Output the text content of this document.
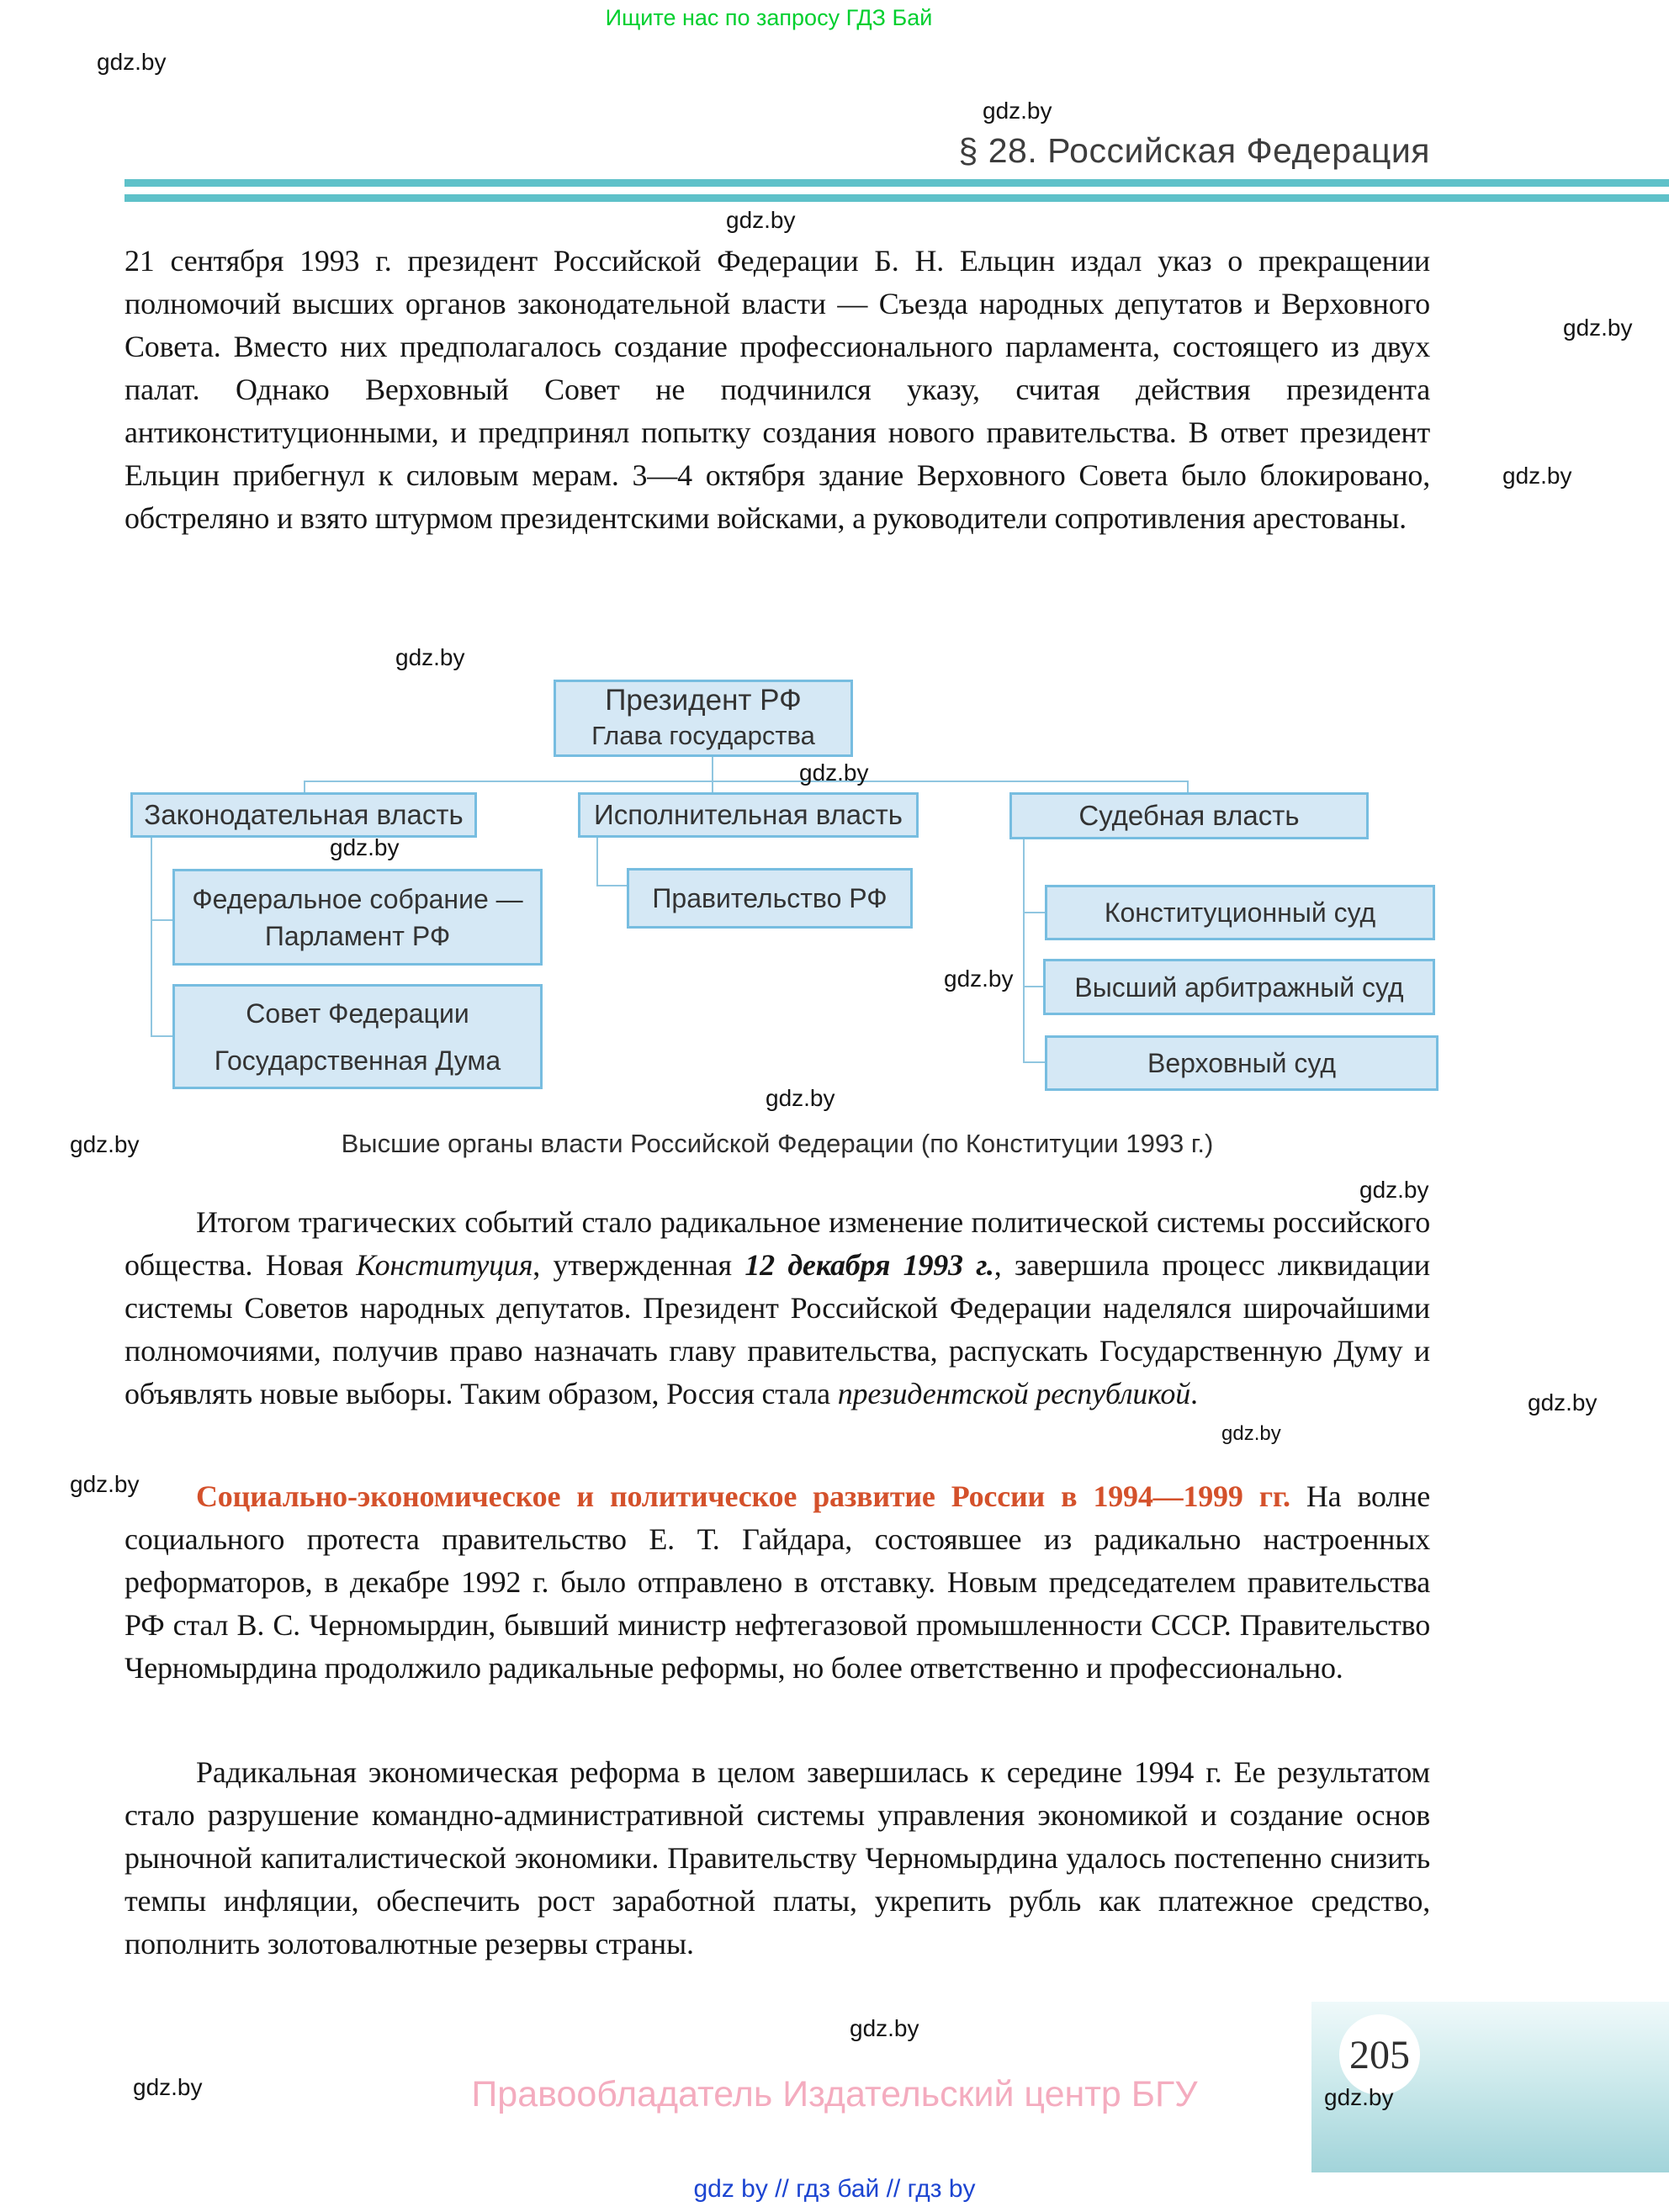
Ищите нас по запросу ГДЗ Бай
§ 28. Российская Федерация
21 сентября 1993 г. президент Российской Федерации Б. Н. Ельцин издал указ о прекращении полномочий высших органов законодательной власти — Съезда народных депутатов и Верховного Совета. Вместо них предполагалось создание профессионального парламента, состоящего из двух палат. Однако Верховный Совет не подчинился указу, считая действия президента антиконституционными, и предпринял попытку создания нового правительства. В ответ президент Ельцин прибегнул к силовым мерам. 3—4 октября здание Верховного Совета было блокировано, обстреляно и взято штурмом президентскими войсками, а руководители сопротивления арестованы.
Итогом трагических событий стало радикальное изменение политической системы российского общества. Новая Конституция, утвержденная 12 декабря 1993 г., завершила процесс ликвидации системы Советов народных депутатов. Президент Российской Федерации наделялся широчайшими полномочиями, получив право назначать главу правительства, распускать Государственную Думу и объявлять новые выборы. Таким образом, Россия стала президентской республикой.
Социально-экономическое и политическое развитие России в 1994—1999 гг. На волне социального протеста правительство Е. Т. Гайдара, состоявшее из радикально настроенных реформаторов, в декабре 1992 г. было отправлено в отставку. Новым председателем правительства РФ стал В. С. Черномырдин, бывший министр нефтегазовой промышленности СССР. Правительство Черномырдина продолжило радикальные реформы, но более ответственно и профессионально.
Радикальная экономическая реформа в целом завершилась к середине 1994 г. Ее результатом стало разрушение командно-административной системы управления экономикой и создание основ рыночной капиталистической экономики. Правительству Черномырдина удалось постепенно снизить темпы инфляции, обеспечить рост заработной платы, укрепить рубль как платежное средство, пополнить золотовалютные резервы страны.
Президент РФ
Глава государства
Законодательная власть	Исполнительная власть	Судебная власть
Федеральное собрание —
Парламент РФ
Правительство РФ	Конституционный суд
Высший арбитражный суд
Совет Федерации
Государственная Дума	Верховный суд
Высшие органы власти Российской Федерации (по Конституции 1993 г.)
gdz.by
gdz.by
gdz.by
gdz.by
gdz.by
gdz.by
gdz.by
gdz.by
gdz.by
gdz.by
gdz.by
gdz.by
gdz.by
gdz.by
gdz.by
gdz.by
gdz.by	gdz.by
Правообладатель Издательский центр БГУ
205
gdz by // гдз бай // гдз by
